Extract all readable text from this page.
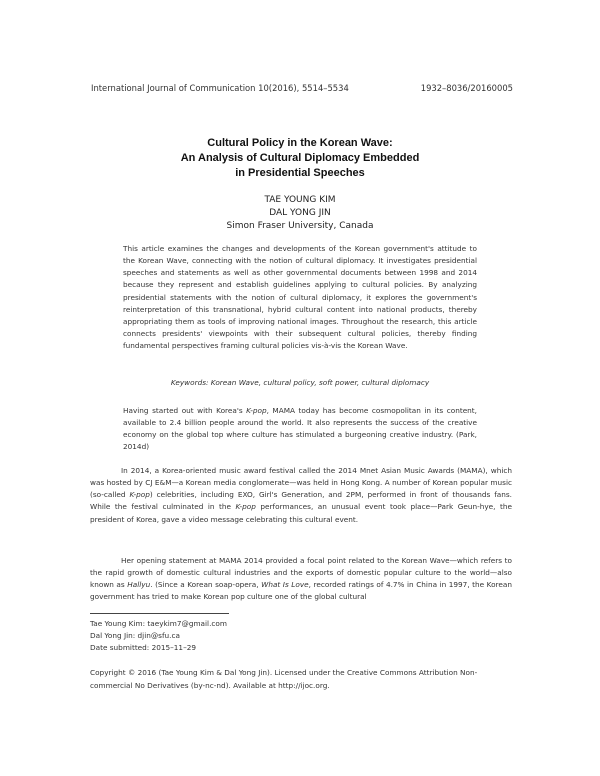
International Journal of Communication 10(2016), 5514–5534	1932–8036/20160005
Cultural Policy in the Korean Wave:
An Analysis of Cultural Diplomacy Embedded
in Presidential Speeches
TAE YOUNG KIM
DAL YONG JIN
Simon Fraser University, Canada
This article examines the changes and developments of the Korean government's attitude to the Korean Wave, connecting with the notion of cultural diplomacy. It investigates presidential speeches and statements as well as other governmental documents between 1998 and 2014 because they represent and establish guidelines applying to cultural policies. By analyzing presidential statements with the notion of cultural diplomacy, it explores the government's reinterpretation of this transnational, hybrid cultural content into national products, thereby appropriating them as tools of improving national images. Throughout the research, this article connects presidents' viewpoints with their subsequent cultural policies, thereby finding fundamental perspectives framing cultural policies vis-à-vis the Korean Wave.
Keywords: Korean Wave, cultural policy, soft power, cultural diplomacy
Having started out with Korea's K-pop, MAMA today has become cosmopolitan in its content, available to 2.4 billion people around the world. It also represents the success of the creative economy on the global top where culture has stimulated a burgeoning creative industry. (Park, 2014d)
In 2014, a Korea-oriented music award festival called the 2014 Mnet Asian Music Awards (MAMA), which was hosted by CJ E&M—a Korean media conglomerate—was held in Hong Kong. A number of Korean popular music (so-called K-pop) celebrities, including EXO, Girl's Generation, and 2PM, performed in front of thousands fans. While the festival culminated in the K-pop performances, an unusual event took place—Park Geun-hye, the president of Korea, gave a video message celebrating this cultural event.
Her opening statement at MAMA 2014 provided a focal point related to the Korean Wave—which refers to the rapid growth of domestic cultural industries and the exports of domestic popular culture to the world—also known as Hallyu. (Since a Korean soap-opera, What Is Love, recorded ratings of 4.7% in China in 1997, the Korean government has tried to make Korean pop culture one of the global cultural
Tae Young Kim: taeykim7@gmail.com
Dal Yong Jin: djin@sfu.ca
Date submitted: 2015–11–29
Copyright © 2016 (Tae Young Kim & Dal Yong Jin). Licensed under the Creative Commons Attribution Non-commercial No Derivatives (by-nc-nd). Available at http://ijoc.org.
